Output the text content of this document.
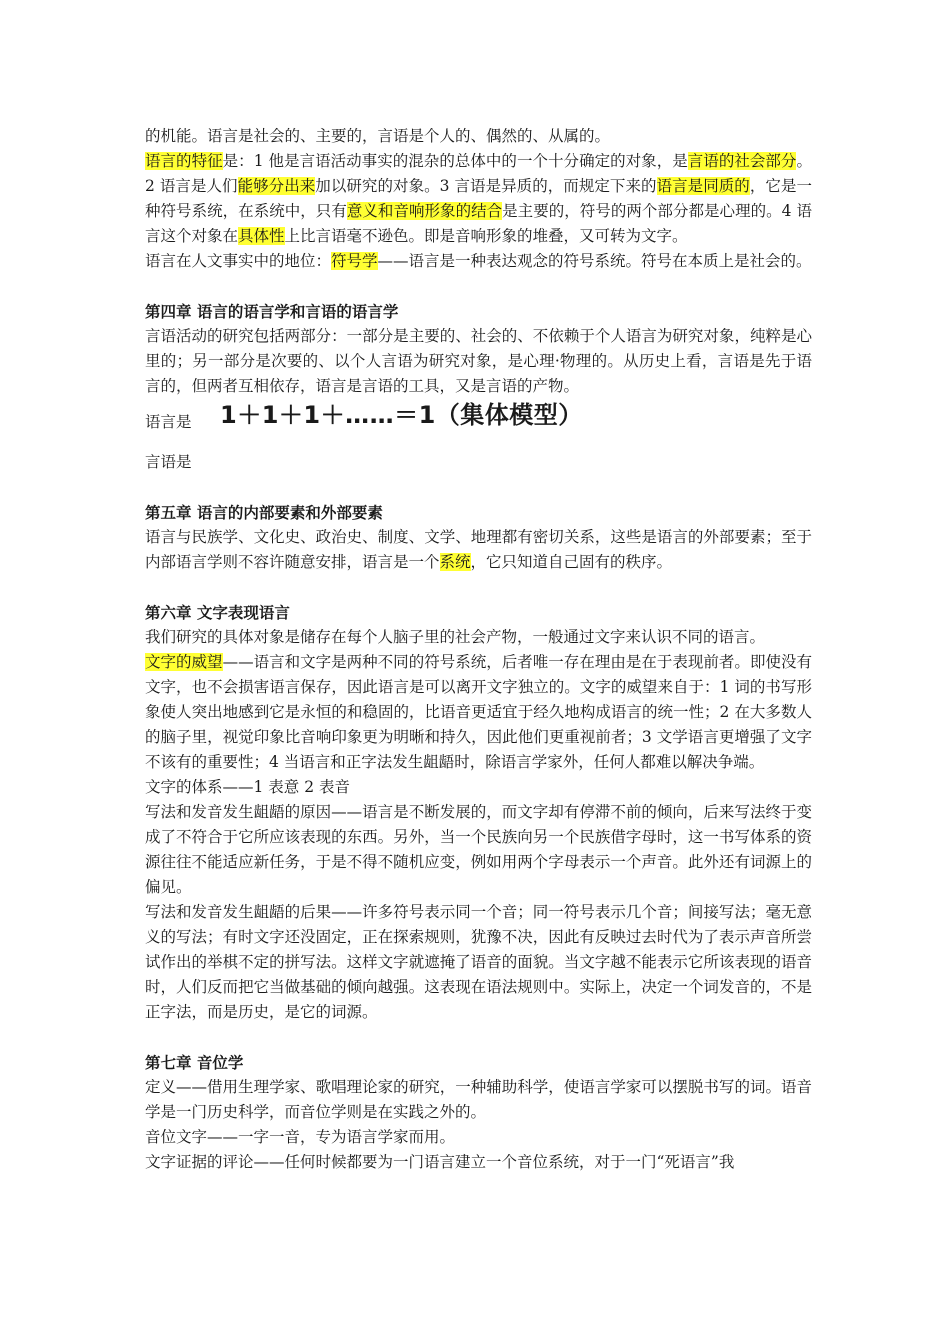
的机能。语言是社会的、主要的，言语是个人的、偶然的、从属的。

语言的特征是：1 他是言语活动事实的混杂的总体中的一个十分确定的对象，是言语的社会部分。2 语言是人们能够分出来加以研究的对象。3 言语是异质的，而规定下来的语言是同质的，它是一种符号系统，在系统中，只有意义和音响形象的结合是主要的，符号的两个部分都是心理的。4 语言这个对象在具体性上比言语毫不逊色。即是音响形象的堆叠，又可转为文字。

语言在人文事实中的地位：符号学——语言是一种表达观念的符号系统。符号在本质上是社会的。

第四章 语言的语言学和言语的语言学

言语活动的研究包括两部分：一部分是主要的、社会的、不依赖于个人语言为研究对象，纯粹是心里的；另一部分是次要的、以个人言语为研究对象，是心理·物理的。从历史上看，言语是先于语言的，但两者互相依存，语言是言语的工具，又是言语的产物。

语言是	1＋1＋1＋……＝1（集体模型）

言语是

第五章 语言的内部要素和外部要素

语言与民族学、文化史、政治史、制度、文学、地理都有密切关系，这些是语言的外部要素；至于内部语言学则不容许随意安排，语言是一个系统，它只知道自己固有的秩序。

第六章 文字表现语言

我们研究的具体对象是储存在每个人脑子里的社会产物，一般通过文字来认识不同的语言。

文字的威望——语言和文字是两种不同的符号系统，后者唯一存在理由是在于表现前者。即使没有文字，也不会损害语言保存，因此语言是可以离开文字独立的。文字的威望来自于：1 词的书写形象使人突出地感到它是永恒的和稳固的，比语音更适宜于经久地构成语言的统一性；2 在大多数人的脑子里，视觉印象比音响印象更为明晰和持久，因此他们更重视前者；3 文学语言更增强了文字不该有的重要性；4 当语言和正字法发生龃龉时，除语言学家外，任何人都难以解决争端。

文字的体系——1 表意 2 表音

写法和发音发生龃龉的原因——语言是不断发展的，而文字却有停滞不前的倾向，后来写法终于变成了不符合于它所应该表现的东西。另外，当一个民族向另一个民族借字母时，这一书写体系的资源往往不能适应新任务，于是不得不随机应变，例如用两个字母表示一个声音。此外还有词源上的偏见。

写法和发音发生龃龉的后果——许多符号表示同一个音；同一符号表示几个音；间接写法；毫无意义的写法；有时文字还没固定，正在探索规则，犹豫不决，因此有反映过去时代为了表示声音所尝试作出的举棋不定的拼写法。这样文字就遮掩了语音的面貌。当文字越不能表示它所该表现的语音时，人们反而把它当做基础的倾向越强。这表现在语法规则中。实际上，决定一个词发音的，不是正字法，而是历史，是它的词源。

第七章 音位学

定义——借用生理学家、歌唱理论家的研究，一种辅助科学，使语言学家可以摆脱书写的词。语音学是一门历史科学，而音位学则是在实践之外的。

音位文字——一字一音，专为语言学家而用。

文字证据的评论——任何时候都要为一门语言建立一个音位系统，对于一门“死语言”我
